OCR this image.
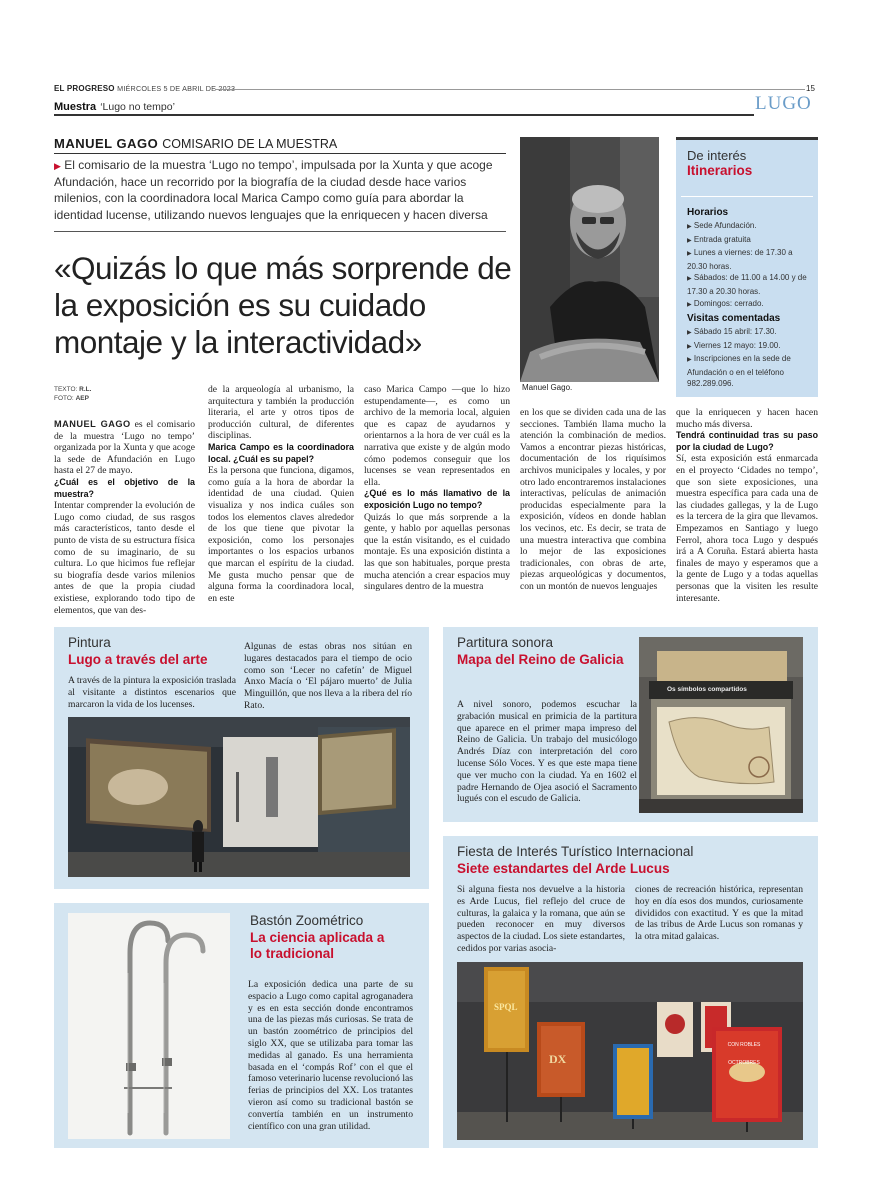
EL PROGRESO MIÉRCOLES 5 DE ABRIL DE 2023	15
Muestra ‘Lugo no tempo’	LUGO
MANUEL GAGO COMISARIO DE LA MUESTRA
▶ El comisario de la muestra ‘Lugo no tempo’, impulsada por la Xunta y que acoge Afundación, hace un recorrido por la biografía de la ciudad desde hace varios milenios, con la coordinadora local Marica Campo como guía para abordar la identidad lucense, utilizando nuevos lenguajes que la enriquecen y hacen diversa
«Quizás lo que más sorprende de la exposición es su cuidado montaje y la interactividad»
Manuel Gago.
De interés
Itinerarios
Horarios
▶ Sede Afundación.
▶ Entrada gratuita
▶ Lunes a viernes: de 17.30 a 20.30 horas.
▶ Sábados: de 11.00 a 14.00 y de 17.30 a 20.30 horas.
▶ Domingos: cerrado.
Visitas comentadas
▶ Sábado 15 abril: 17.30.
▶ Viernes 12 mayo: 19.00.
▶ Inscripciones en la sede de Afundación o en el teléfono 982.289.096.
TEXTO: R.L.
FOTO: AEP

MANUEL GAGO es el comisario de la muestra ‘Lugo no tempo’ organizada por la Xunta y que acoge la sede de Afundación en Lugo hasta el 27 de mayo.

¿Cuál es el objetivo de la muestra?

Intentar comprender la evolución de Lugo como ciudad, de sus rasgos más característicos, tanto desde el punto de vista de su estructura física como de su imaginario, de su cultura. Lo que hicimos fue reflejar su biografía desde varios milenios antes de que la propia ciudad existiese, explorando todo tipo de elementos, que van des-

de la arqueología al urbanismo, la arquitectura y también la producción literaria, el arte y otros tipos de producción cultural, de diferentes disciplinas.

Marica Campo es la coordinadora local. ¿Cuál es su papel?

Es la persona que funciona, digamos, como guía a la hora de abordar la identidad de una ciudad. Quien visualiza y nos indica cuáles son todos los elementos claves alrededor de los que tiene que pivotar la exposición, como los personajes importantes o los espacios urbanos que marcan el espíritu de la ciudad. Me gusta mucho pensar que de alguna forma la coordinadora local, en este

caso Marica Campo —que lo hizo estupendamente—, es como un archivo de la memoria local, alguien que es capaz de ayudarnos y orientarnos a la hora de ver cuál es la narrativa que existe y de algún modo cómo podemos conseguir que los lucenses se vean representados en ella.

¿Qué es lo más llamativo de la exposición Lugo no tempo?

Quizás lo que más sorprende a la gente, y hablo por aquellas personas que la están visitando, es el cuidado montaje. Es una exposición distinta a las que son habituales, porque presta mucha atención a crear espacios muy singulares dentro de la muestra

en los que se dividen cada una de las secciones. También llama mucho la atención la combinación de medios. Vamos a encontrar piezas históricas, documentación de los riquísimos archivos municipales y locales, y por otro lado encontraremos instalaciones interactivas, películas de animación producidas especialmente para la exposición, vídeos en donde hablan los vecinos, etc. Es decir, se trata de una muestra interactiva que combina lo mejor de las exposiciones tradicionales, con obras de arte, piezas arqueológicas y documentos, con un montón de nuevos lenguajes

que la enriquecen y hacen hacen mucho más diversa.

Tendrá continuidad tras su paso por la ciudad de Lugo?

Sí, esta exposición está enmarcada en el proyecto ‘Cidades no tempo’, que son siete exposiciones, una muestra específica para cada una de las ciudades gallegas, y la de Lugo es la tercera de la gira que llevamos. Empezamos en Santiago y luego Ferrol, ahora toca Lugo y después irá a A Coruña. Estará abierta hasta finales de mayo y esperamos que a la gente de Lugo y a todas aquellas personas que la visiten les resulte interesante.

Pintura
Lugo a través del arte
A través de la pintura la exposición traslada al visitante a distintos escenarios que marcaron la vida de los lucenses.
Algunas de estas obras nos sitúan en lugares destacados para el tiempo de ocio como son ‘Lecer no cafetín’ de Miguel Anxo Macía o ‘El pájaro muerto’ de Julia Minguillón, que nos lleva a la ribera del río Rato.
Partitura sonora
Mapa del Reino de Galicia
A nivel sonoro, podemos escuchar la grabación musical en primicia de la partitura que aparece en el primer mapa impreso del Reino de Galicia. Un trabajo del musicólogo Andrés Díaz con interpretación del coro lucense Sólo Voces. Y es que este mapa tiene que ver mucho con la ciudad. Ya en 1602 el padre Hernando de Ojea asoció el Sacramento lugués con el escudo de Galicia.
Os símbolos compartidos
Fiesta de Interés Turístico Internacional
Siete estandartes del Arde Lucus
Si alguna fiesta nos devuelve a la historia es Arde Lucus, fiel reflejo del cruce de culturas, la galaica y la romana, que aún se pueden reconocer en muy diversos aspectos de la ciudad. Los siete estandartes, cedidos por varias asocia-
ciones de recreación histórica, representan hoy en día esos dos mundos, curiosamente divididos con exactitud. Y es que la mitad de las tribus de Arde Lucus son romanas y la otra mitad galaicas.
SPQL
DX
CON ROBLES OCTROBRES
Bastón Zoométrico
La ciencia aplicada a lo tradicional
La exposición dedica una parte de su espacio a Lugo como capital agroganadera y es en esta sección donde encontramos una de las piezas más curiosas. Se trata de un bastón zoométrico de principios del siglo XX, que se utilizaba para tomar las medidas al ganado. Es una herramienta basada en el ‘compás Rof’ con el que el famoso veterinario lucense revolucionó las ferias de principios del XX. Los tratantes vieron así como su tradicional bastón se convertía también en un instrumento científico con una gran utilidad.
